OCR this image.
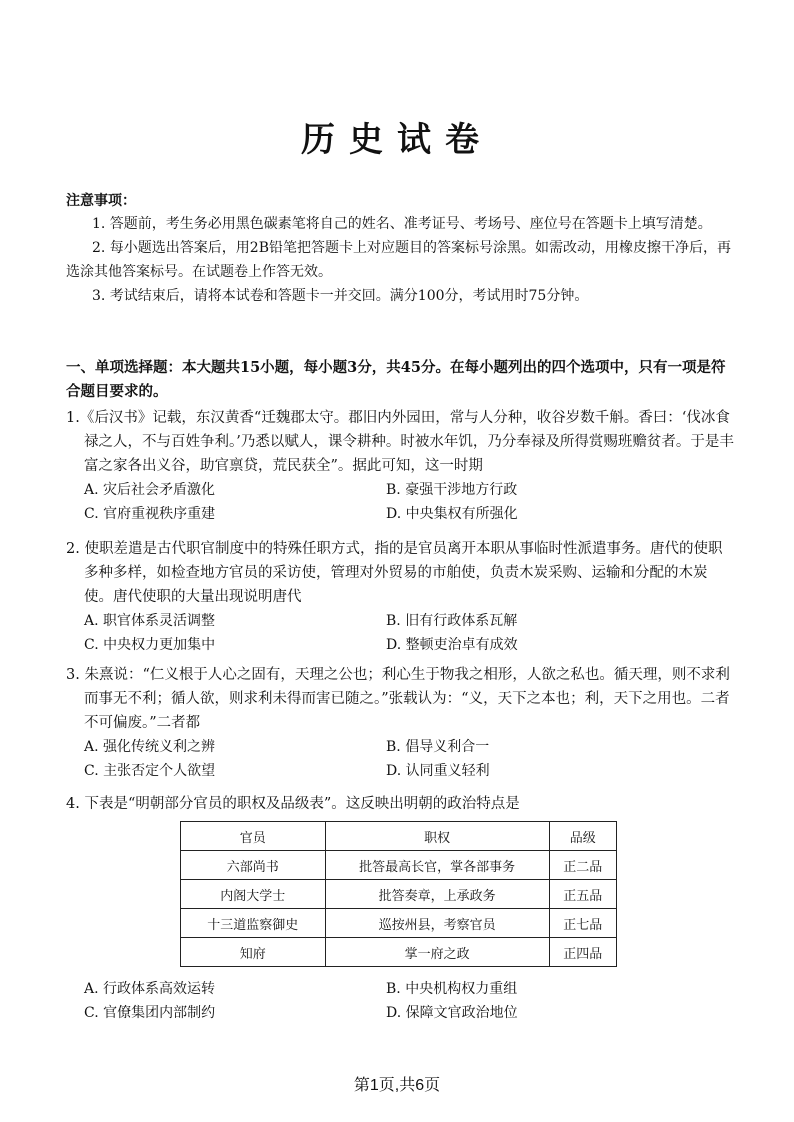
历史试卷
注意事项：

1. 答题前，考生务必用黑色碳素笔将自己的姓名、准考证号、考场号、座位号在答题卡上填写清楚。

2. 每小题选出答案后，用2B铅笔把答题卡上对应题目的答案标号涂黑。如需改动，用橡皮擦干净后，再选涂其他答案标号。在试题卷上作答无效。

3. 考试结束后，请将本试卷和答题卡一并交回。满分100分，考试用时75分钟。

一、单项选择题：本大题共15小题，每小题3分，共45分。在每小题列出的四个选项中，只有一项是符合题目要求的。

1.《后汉书》记载，东汉黄香“迁魏郡太守。郡旧内外园田，常与人分种，收谷岁数千斛。香曰：‘伐冰食禄之人，不与百姓争利。’乃悉以赋人，课令耕种。时被水年饥，乃分奉禄及所得赏赐班赡贫者。于是丰富之家各出义谷，助官禀贷，荒民获全”。据此可知，这一时期

A. 灾后社会矛盾激化	B. 豪强干涉地方行政
C. 官府重视秩序重建	D. 中央集权有所强化

2. 使职差遣是古代职官制度中的特殊任职方式，指的是官员离开本职从事临时性派遣事务。唐代的使职多种多样，如检查地方官员的采访使，管理对外贸易的市舶使，负责木炭采购、运输和分配的木炭使。唐代使职的大量出现说明唐代

A. 职官体系灵活调整	B. 旧有行政体系瓦解
C. 中央权力更加集中	D. 整顿吏治卓有成效

3. 朱熹说：“仁义根于人心之固有，天理之公也；利心生于物我之相形，人欲之私也。循天理，则不求利而事无不利；循人欲，则求利未得而害已随之。”张载认为：“义，天下之本也；利，天下之用也。二者不可偏废。”二者都

A. 强化传统义利之辨	B. 倡导义利合一
C. 主张否定个人欲望	D. 认同重义轻利

4. 下表是“明朝部分官员的职权及品级表”。这反映出明朝的政治特点是

官员	职权	品级
六部尚书	批答最高长官，掌各部事务	正二品
内阁大学士	批答奏章，上承政务	正五品
十三道监察御史	巡按州县，考察官员	正七品
知府	掌一府之政	正四品
A. 行政体系高效运转	B. 中央机构权力重组
C. 官僚集团内部制约	D. 保障文官政治地位
第1页,共6页
